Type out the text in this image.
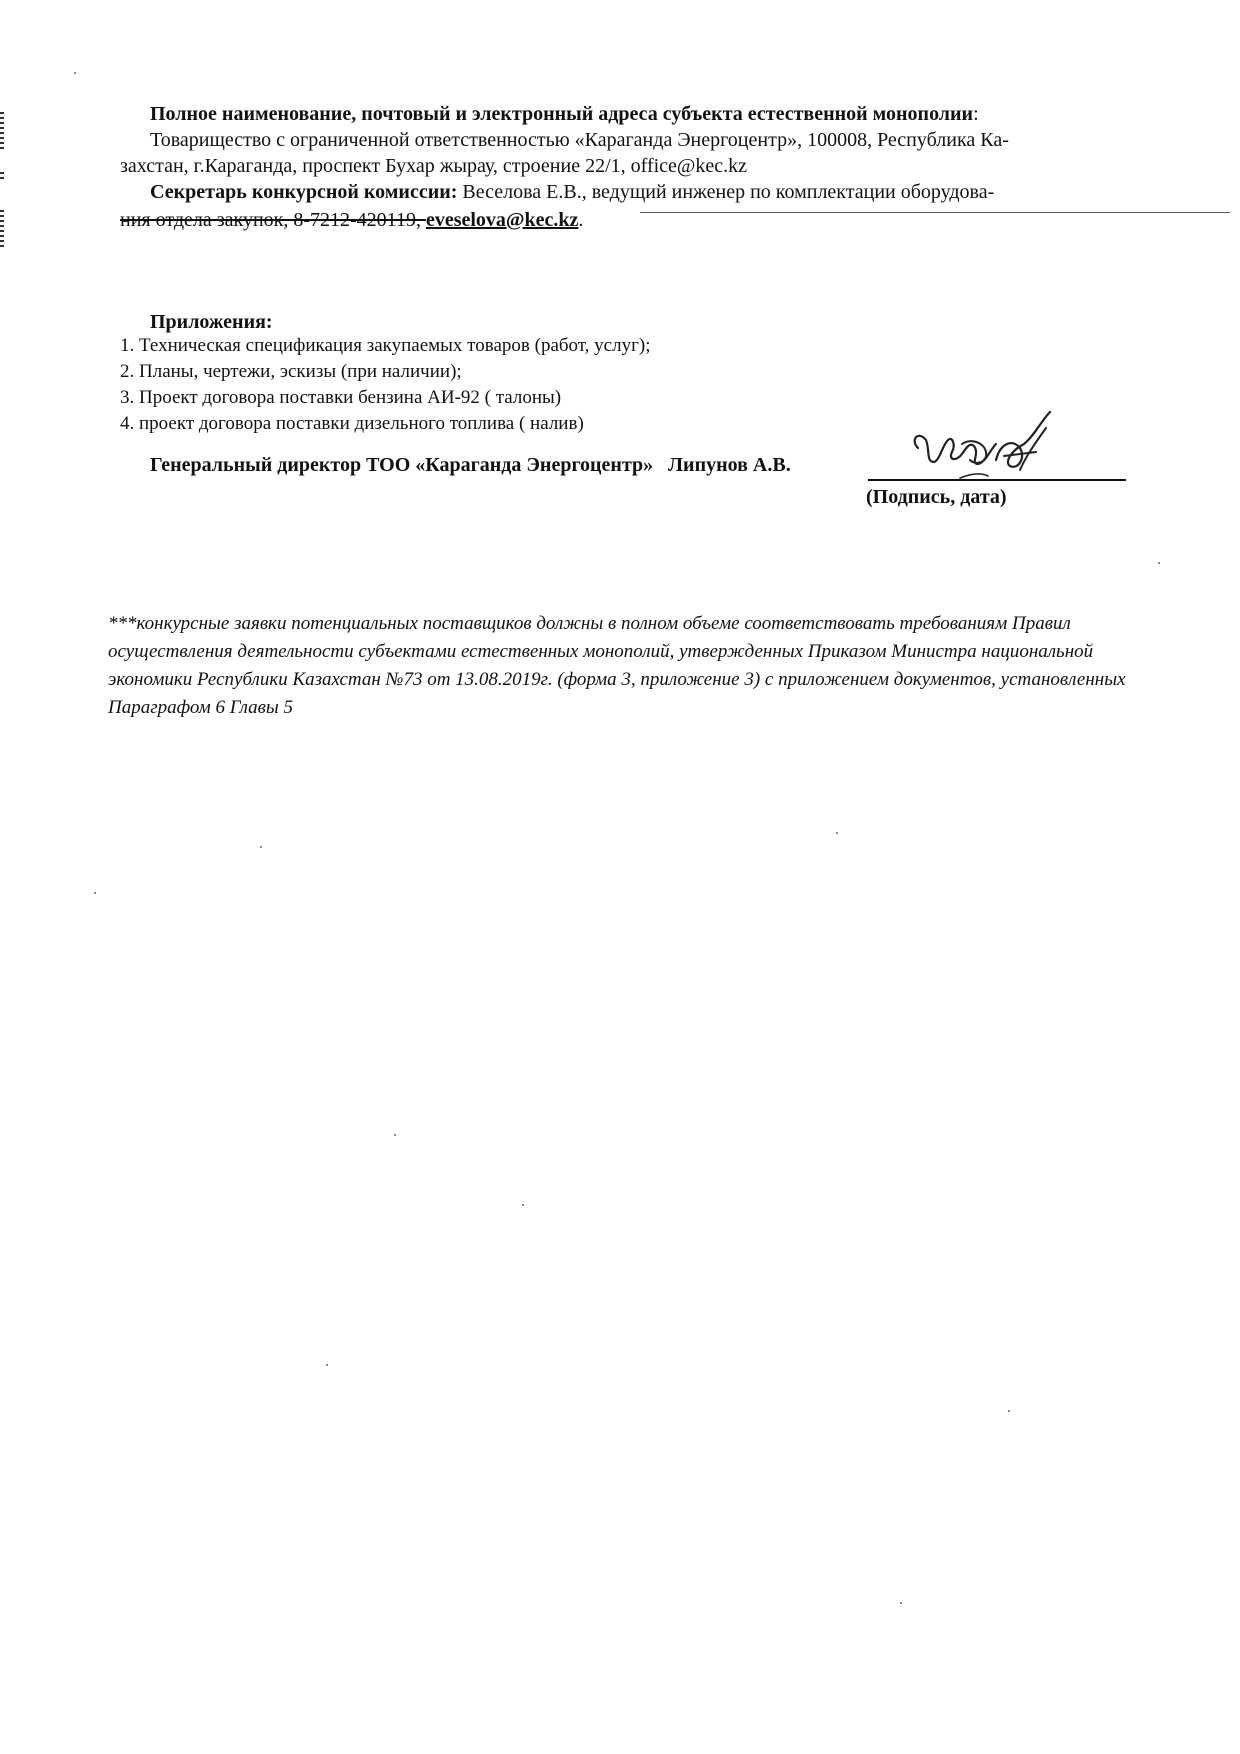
Полное наименование, почтовый и электронный адреса субъекта естественной монополии:
Товарищество с ограниченной ответственностью «Караганда Энергоцентр», 100008, Республика Ка-
захстан, г.Караганда, проспект Бухар жырау, строение 22/1, office@kec.kz
Секретарь конкурсной комиссии: Веселова Е.В., ведущий инженер по комплектации оборудова-
ния отдела закупок, 8-7212-420119, eveselova@kec.kz.
Приложения:
1. Техническая спецификация закупаемых товаров (работ, услуг);
2. Планы, чертежи, эскизы (при наличии);
3. Проект договора поставки бензина АИ-92 ( талоны)
4. проект договора поставки дизельного топлива ( налив)
Генеральный директор ТОО «Караганда Энергоцентр» Липунов А.В.
(Подпись, дата)
***конкурсные заявки потенциальных поставщиков должны в полном объеме соответствовать требованиям Правил осуществления деятельности субъектами естественных монополий, утвержденных Приказом Министра национальной экономики Республики Казахстан №73 от 13.08.2019г. (форма 3, приложение 3) с приложением документов, установленных Параграфом 6 Главы 5
